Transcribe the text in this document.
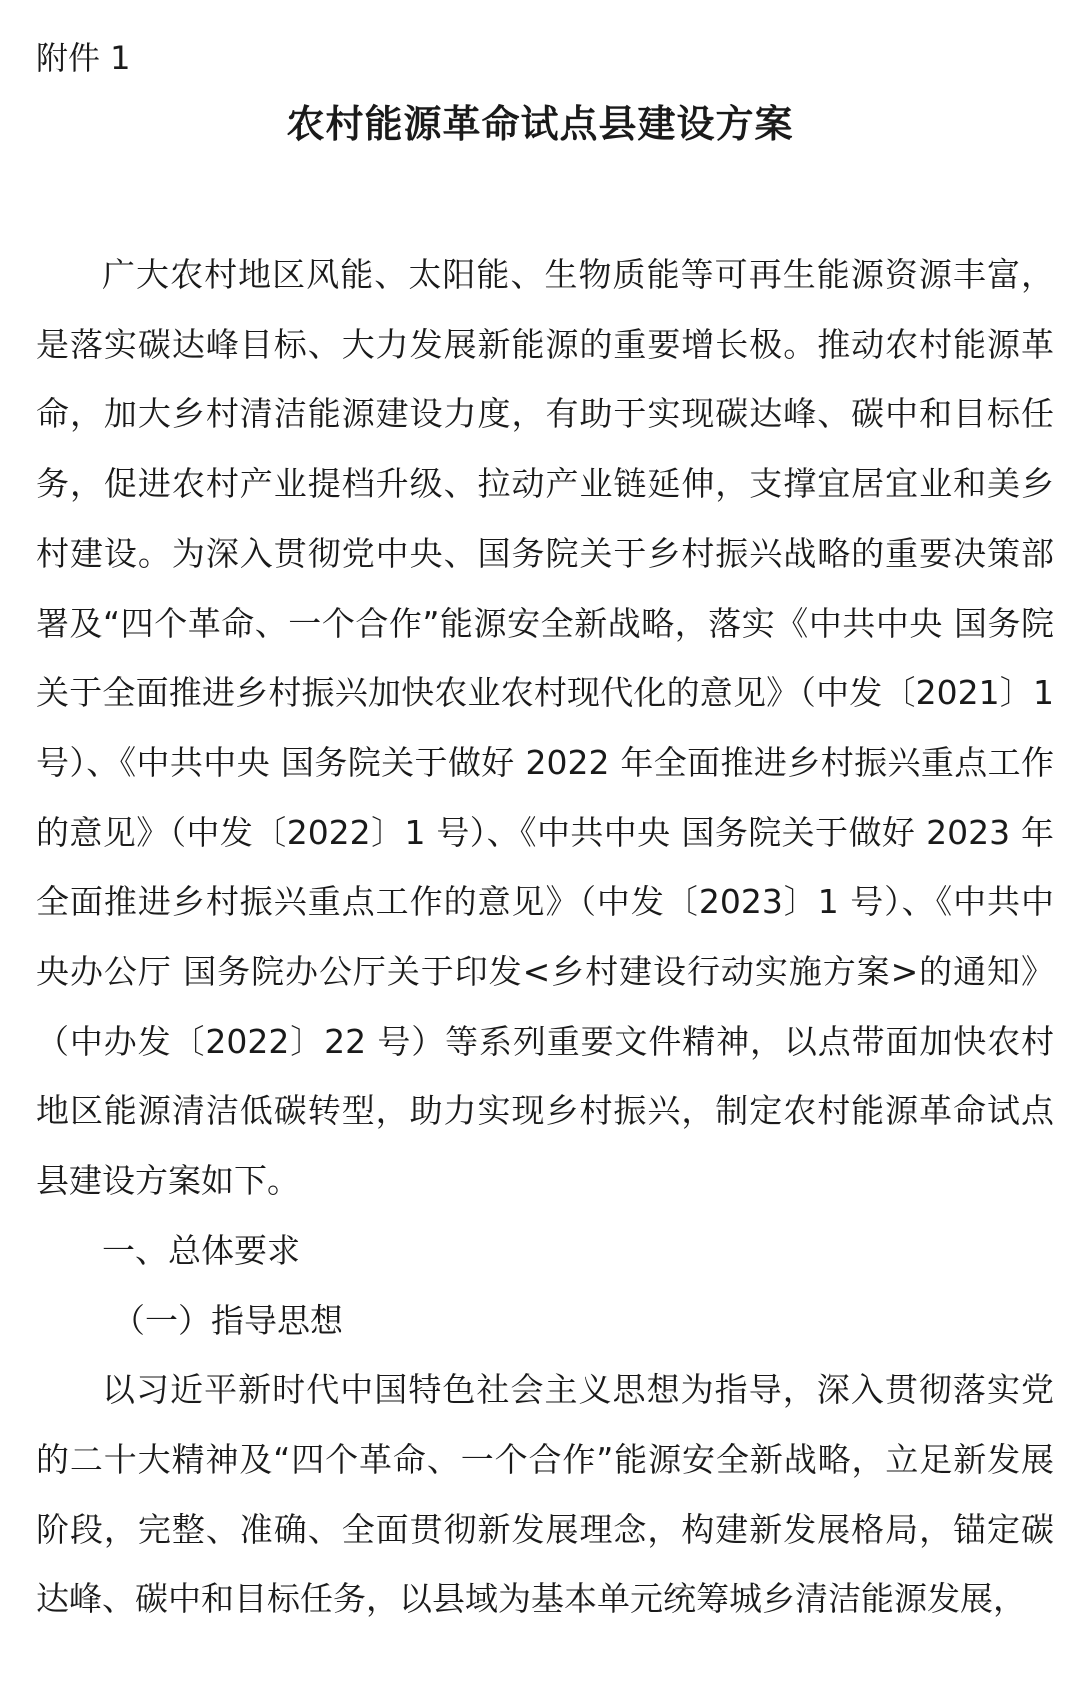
附件 1

农村能源革命试点县建设方案

广大农村地区风能、太阳能、生物质能等可再生能源资源丰富，是落实碳达峰目标、大力发展新能源的重要增长极。推动农村能源革命，加大乡村清洁能源建设力度，有助于实现碳达峰、碳中和目标任务，促进农村产业提档升级、拉动产业链延伸，支撑宜居宜业和美乡村建设。为深入贯彻党中央、国务院关于乡村振兴战略的重要决策部署及“四个革命、一个合作”能源安全新战略，落实《中共中央 国务院关于全面推进乡村振兴加快农业农村现代化的意见》（中发〔2021〕1 号）、《中共中央 国务院关于做好 2022 年全面推进乡村振兴重点工作的意见》（中发〔2022〕1 号）、《中共中央 国务院关于做好 2023 年全面推进乡村振兴重点工作的意见》（中发〔2023〕1 号）、《中共中央办公厅 国务院办公厅关于印发<乡村建设行动实施方案>的通知》（中办发〔2022〕22 号）等系列重要文件精神，以点带面加快农村地区能源清洁低碳转型，助力实现乡村振兴，制定农村能源革命试点县建设方案如下。

一、总体要求

（一）指导思想

以习近平新时代中国特色社会主义思想为指导，深入贯彻落实党的二十大精神及“四个革命、一个合作”能源安全新战略，立足新发展阶段，完整、准确、全面贯彻新发展理念，构建新发展格局，锚定碳达峰、碳中和目标任务，以县域为基本单元统筹城乡清洁能源发展，
